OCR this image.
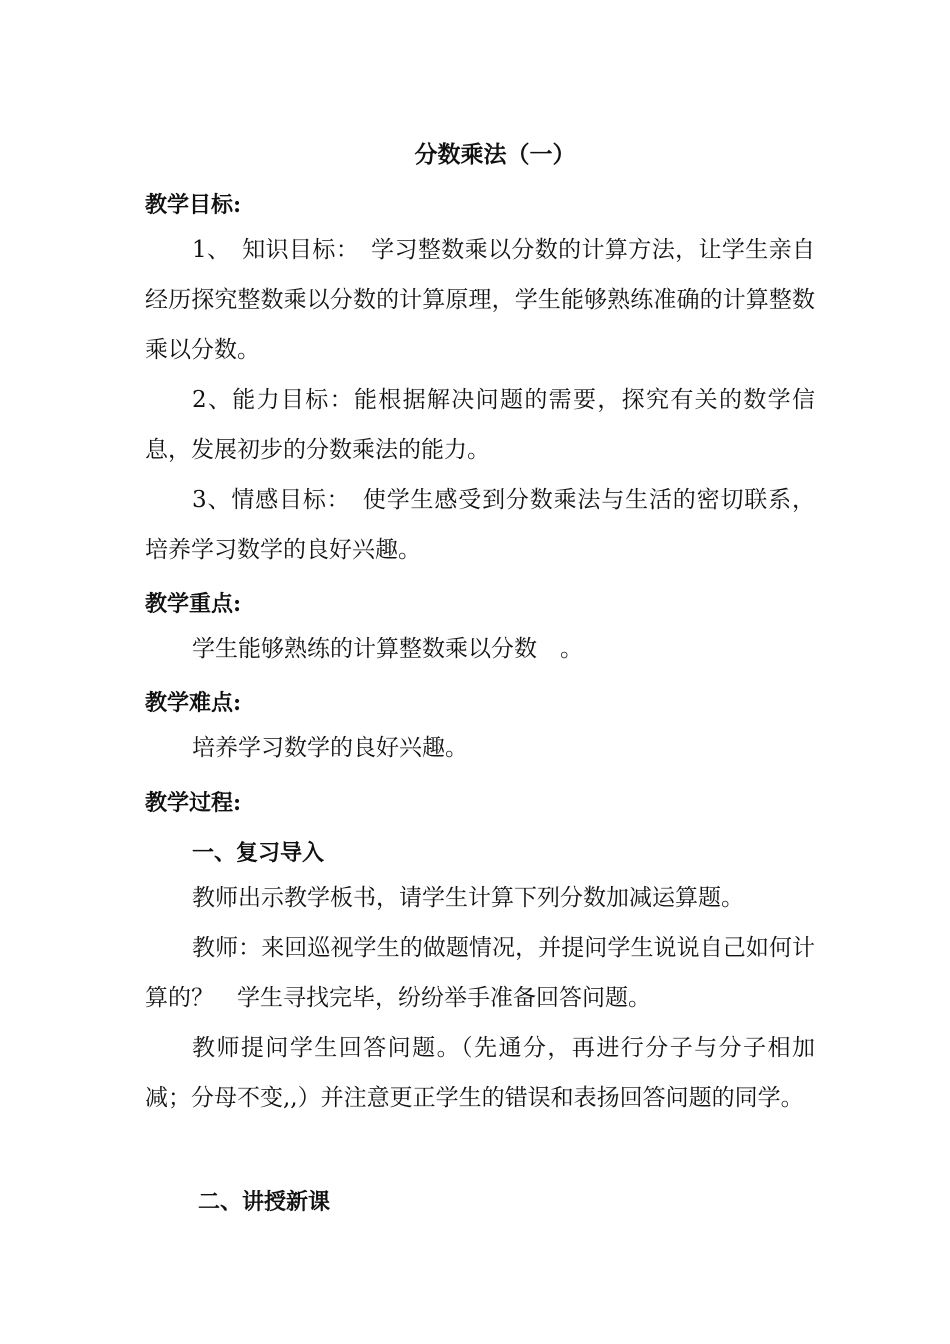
分数乘法（一）
教学目标:
1、　知识目标：　学习整数乘以分数的计算方法，让学生亲自经历探究整数乘以分数的计算原理，学生能够熟练准确的计算整数乘以分数。
2、能力目标：能根据解决问题的需要，探究有关的数学信息，发展初步的分数乘法的能力。
3、情感目标：　使学生感受到分数乘法与生活的密切联系，培养学习数学的良好兴趣。
教学重点:
学生能够熟练的计算整数乘以分数　。
教学难点:
培养学习数学的良好兴趣。
教学过程:
一、复习导入
教师出示教学板书，请学生计算下列分数加减运算题。
教师：来回巡视学生的做题情况，并提问学生说说自己如何计算的？　学生寻找完毕，纷纷举手准备回答问题。
教师提问学生回答问题。（先通分，再进行分子与分子相加减；分母不变,,）并注意更正学生的错误和表扬回答问题的同学。
二、讲授新课
